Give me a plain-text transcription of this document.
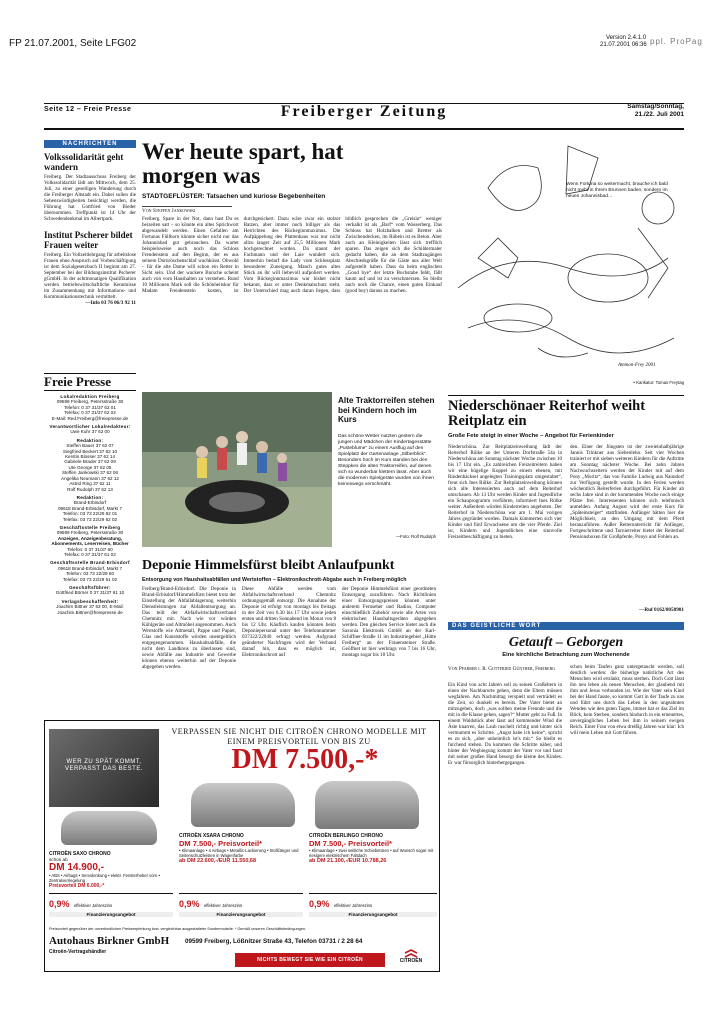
FP 21.07.2001, Seite LFG02	Version 2.4.1.0
21.07.2001 06:36 ppl. ProPag
Seite 12 – Freie Presse	Freiberger Zeitung	Samstag/Sonntag,
21./22. Juli 2001
NACHRICHTEN
Volkssolidarität geht wandern
Freiberg. Der Stadtausschuss Freiberg der Volkssolidarität lädt am Mittwoch, dem 25. Juli, zu einer geselligen Wanderung durch die Freiberger Altstadt ein. Dabei sollen die Sehenswürdigkeiten besichtigt werden, die Führung hat Gottfried von Bieder übernommen. Treffpunkt ist 14 Uhr der Schwedendenkmal im Albertpark.
Institut Pscherer bildet Frauen weiter
Freiberg. Ein Vollzeitlehrgang für arbeitslose Frauen ohne Anspruch auf Vorbeschäftigung ist dem Sozialgesetzbuch II beginnt am 27. September bei der Bildungsinstitut Pscherer gGmbH. In der achtmonatigen Qualifikation werden betriebswirtschaftliche Kenntnisse im Zusammenhang mit Informations- und Kommunikationstechnik vermittelt.
—Info 03 76 06/3 92 11
Freie Presse
Lokalredaktion Freiberg
09599 Freiberg, Petersstraße 30
Telefon: 0 37 31/37 62 01
Telefax: 0 37 31/37 62 02
E-Mail: Red.Freiberg@freiepresse.de
Verantwortlicher Lokalredakteur:
Uwe Kuhr 37 62 00
Redaktion:
Steffen Bauer 37 62 07
Siegfried Beckert 37 62 10
Kerstin Blosser 37 62 14
Gabriele Brader 37 62 09
Ute George 37 62 05
Steffen Jankowski 37 62 06
Angelika Neumann 37 62 12
Astrid Ring 37 62 11
Rolf Rudolph 37 62 13
Redaktion:
Brand-Erbisdorf
09618 Brand-Erbisdorf, Markt 7
Telefon: 03 73 22/29 62 01
Telefax: 03 73 22/29 62 02
Geschäftsstelle Freiberg
09599 Freiberg, Petersstraße 30
Anzeigen, Anzeigenberatung,
Abonnements, Leserreisen, Bücher
Telefon: 0 37 31/37 60
Telefax: 0 37 31/37 61 02
Geschäftsstelle Brand-Erbisdorf
09618 Brand-Erbisdorf, Markt 7
Telefon: 03 73 22/29 60
Telefax: 03 73 22/29 61 02
Geschäftsführer:
Gottfried Börner 0 37 31/37 61 10
Verlagsbeschaffenheit:
Joachim Bittner 37 63 00, E-Mail:
Joachim.Bittner@freiepresse.de
Wer heute spart, hat morgen was
STADTGEFLÜSTER: Tatsachen und kuriose Begebenheiten
Von Steffen Jankowski
Freiberg. Spare in der Not, dann hast Du es beizeiten satt – so könnte ein altes Sprichwort abgewandelt werden. Einen Gefallen am Fortunas Füllhorn könnte sicher nicht nur das Johannisbad gut gebrauchen. Da wartet beispielsweise auch noch das Schloss Freudenstein auf den Beginn, der es aus seinem Dornröschenschlaf wachküsst. Obwohl – für die alte Dame will schon ein Retter in Sicht sein. Und der wackere Bursche scheint auch von vorn Haushalten zu verstehen. Rund 10 Millionen Mark soll die Schönheitskur für Madam Freudenstein kosten, ist durchgesickert. Dazu wäre zwar ein stolzer Batzen, aber immer noch billiger als das Herrichten des Rückeginnmaximus. Die Aufpäppelung des Plattenbaus war nur nicht allzu langer Zeit auf 25,5 Millionen Mark hochgerechnet worden. Da staunt der Fachmann und der Laie wundert sich. Immerhin bedarf die Lady vom Schlossplatz besonderer Zuneigung. Manch gutes altes Stück an ihr will liebevoll aufpoliert werden. Vom Rückeginnmaximus war bisher nicht bekannt, dass er unter Denkmalschutz steht. Der Unterschied mag auch daran liegen, dass bildlich gesprochen die „Greisin“ weniger verkalkt ist als „Barf“ vom Wasserberg. Das Schloss hat Holzbalken und Bretter als Zwischendecken, im Rübein ist es Beton. Aber auch an Kleinigkeiten lässt sich trefflich sparen. Das zeigen sich die Schildermaler gedacht haben, die an dem Stadtzugängen Abschiedsgrüße für die Gäste aus aller Welt aufgestellt haben. Dass da beim englischen „Good bye“ der letzte Buchstabe fehlt, fällt kaum auf und ist zu verschmerzen. So bleibt auch noch die Chance, einen guten Einkauf (good buy) daraus zu machen.
Wenn Fortuna so weitermacht, brauche ich bald nicht mehr in Ihrem Brunnen baden, sondern im neuen Johannisbad…
Ammon-Frey 2001
• Karikatur: Tomas Freytag
Alte Traktorreifen stehen bei Kindern hoch im Kurs
Das schöne Wetter nutzten gestern die jungen und Mädchen der Kindertagesstätte „Pusteblume“ zu einem Ausflug auf den Spielplatz der Gartenanlage „Silberblick“. Besonders hoch im Kurs standen bei den Steppkes die alten Traktorreifen, auf denen sich so wunderbar klettern lässt. Aber auch die modernen Spielgeräte wurden von ihnen keineswegs verschmäht.
—Foto: Rolf Rudolph
Deponie Himmelsfürst bleibt Anlaufpunkt
Entsorgung von Haushaltsabfällen und Wertstoffen – Elektronikschrott-Abgabe auch in Freiberg möglich
Freiberg/Brand-Erbisdorf. Die Deponie in Brand-Erbisdorf/Himmelsfürst bietet trotz der Einstellung der Abfallablagerung weiterhin Dienstleistungen zur Abfallentsorgung an. Das teilt der Abfallwirtschaftsverband Chemnitz mit. Nach wie vor würden Kühlgeräte und Altmöbel angenommen. Auch Wertstoffe wie Altmetall, Pappe und Papier, Glas und Kunststoffe würden unentgeltlich entgegengenommen. Haushaltsabfälle, die nicht dem Landkreis zu überlassen sind, sowie Abfälle aus Industrie und Gewerbe können ebenso weiterhin auf der Deponie abgegeben werden.
Diese Abfälle werden vom Abfallwirtschaftsverband Chemnitz ordnungsgemäß entsorgt. Die Annahme der Deponie ist erfolgt von montags bis freitags in der Zeit von 6.30 bis 17 Uhr sowie jeden ersten und dritten Sonnabend im Monat von 8 bis 12 Uhr. Käuflich kaufen könnten beim Deponiepersonal unter der Telefonnummer 037322/22040 erfragt werden. Aufgrund geänderter Nachfragen wird der Verband darauf hin, dass es möglich ist, Elektronikschrott auf
der Deponie Himmelsfürst einer geordneten Entsorgung zuzuführen. Nach Richtlinien einer Entsorgungspreisen können unter anderem Fernseher und Radios, Computer einschließlich Zubehör sowie alle Arten von elektrischen Haushaltsgeräten abgegeben werden. Den gleichen Service bietet auch die Saxonia Elektronik GmbH an der Karl-Schiffner-Straße 11 im Industriegebiet „Hütte Freiberg“ an der Frauensteiner Straße. Geöffnet ist hier werktags von 7 bis 16 Uhr, montags sogar bis 18 Uhr.
Niederschönaer Reiterhof weiht Reitplatz ein
Große Fete steigt in einer Woche – Angebot für Ferienkinder
Niederschöna. Zur Reitplatzeinweihung lädt der Reiterhof Rülke an der Unteren Dorfstraße 54a in Niederschöna am Sonntag nächster Woche zwischen 10 bis 17 Uhr ein. „Es zahlreichen Freizeitreitern haben wir eine hügelige Koppel zu einem ebenen, mit Rindenhäcksel angelegten Trainingsplatz umgestaltet“, freut sich Ines Rülke. Zur Reitplatzeinweihung können sich alle Interessierten auch auf dem Reiterhof umschauen. Ab 13 Uhr werden Kinder und Jugendliche ein Schauprogramm vorführen, informiert Ines Rülke weiter. Außerdem würden Kinderreiten angeboten. Der Reiterhof in Niederschöna war am 1. Mai vorigen Jahres gegründet worden. Damals kümmerten sich vier Kinder und fünf Erwachsene um die vier Pferde. Ziel ist, Kindern und Jugendlichen eine sinnvolle Freizeitbeschäftigung zu bieten.
den. Einer der Jüngsten ist der zweieinhalbjährige Jannis Trinkner aus Siebenlehn. Seit vier Wochen trainiert er mit sieben weiteren Kindern für die Auftritte am Sonntag nächster Woche. Bei zehn Jahren Nachwuchsreitern werden der Kinder mit auf dem Pony „Moritz“, das von Familie Ludwig aus Naundorf zur Verfügung gestellt wurde. In den Ferien werden wöchentlich Reiterferien durchgeführt. Für Kinder ab sechs Jahre sind in der kommenden Woche noch einige Plätze frei. Interessenten können sich telefonisch anmelden. Anfang August wird der erste Kurs für „Späteinsteiger“ stattfinden. Anfänger hätten hier die Möglichkeit, an den Umgang mit dem Pferd heranzuführen. Außer Reiterunterricht für Anfänger, Fortgeschrittene und Turnierreiter bietet der Reiterhof Pensionsboxen für Großpferde, Ponys und Fohlen an.
—Ruf 0162/8050901
DAS GEISTLICHE WORT
Getauft – Geborgen
Eine kirchliche Betrachtung zum Wochenende
Von Pfarrer i. R. Gottfried Günther, Freiberg
Ein Kind von acht Jahren soll zu seinen Großeltern in einen der Nachbarorte gehen, denn die Eltern müssen wegfahren. Am Nachmittag verspielt und verträdelt es die Zeit, so dunkelt es bereits. Der Vater bietet an mitzugehen, doch „was sollten meine Freunde und die mit in die Klasse gehen, sagen?“ Mutter geht zu Fuß. In einem Waldstück aber lässt auf kommender Wind die Äste knarren, das Laub raschelt richtig und hinter sich vermummt es Schritte. „Angst habe ich keine“, spricht es zu sich, „aber unheimlich ist's mir.“ So bleibt es furchend stehen. Da kommen die Schritte näher, und hinter der Wegbiegung kommt der Vater vor und fasst mit seiner großen Hand besorgt die kleine des Kindes. Er war fürsorglich hinterhergegangen.
schon beim Taufen ganz untergetaucht werden, soll deutlich werden: die bisherige natürliche Art des Menschen wird ertränkt, muss sterben. Doch Gott lässt ihn neu leben als neuen Menschen, der glaubend mit ihm und Jesus verbunden ist. Wie der Vater sein Kind bei der Hand fasste, so kommt Gott in der Taufe zu uns und führt uns durch das Leben in den ungeahnten Wenden wie den guten Tagen, immer hat er das Ziel im Blick, kein Sterben, sondern hindurch in ein erneuertes, unvergängliches Leben bei ihm in seinem ewigen Reich. Einer Frau von etwa dreißig Jahren war klar: Ich will mein Leben mit Gott führen.
VERPASSEN SIE NICHT DIE CITROËN CHRONO MODELLE MIT EINEM PREISVORTEIL VON BIS ZU
DM 7.500,-*
WER ZU SPÄT KOMMT, VERPASST DAS BESTE.
CITROËN SAXO CHRONO
schon ab
DM 14.900,-
• ABS • Airbags • Servolenkung • elektr. Fensterheber vorn • Zentralverriegelung
Preisvorteil DM 6.000,-*
CITROËN XSARA CHRONO
DM 7.500,- Preisvorteil*
• Klimaanlage • 4 Airbags • Metallic-Lackierung • Stoßfänger und Seitenschutzleisten in Wagenfarbe
ab DM 22.600,-/EUR 11.550,68
CITROËN BERLINGO CHRONO
DM 7.500,- Preisvorteil*
• Klimaanlage • zwei seitliche Schiebetüren • auf Wunsch sogar mit riesigem elektrischem Faltdach
ab DM 21.100,-/EUR 10.788,26
0,9% effektiver Jahreszins
Finanzierungsangebot
0,9% effektiver Jahreszins
Finanzierungsangebot
0,9% effektiver Jahreszins
Finanzierungsangebot
Preisvorteil gegenüber der unverbindlichen Preisempfehlung bzw. vergleichbar ausgestatteter Sondermodelle. * Gemäß unseren Geschäftsbedingungen.
Autohaus Birkner GmbH
Citroën-Vertragshändler
09599 Freiberg, Lößnitzer Straße 43, Telefon 03731 / 2 28 64
NICHTS BEWEGT SIE WIE EIN CITROËN	CITROËN
